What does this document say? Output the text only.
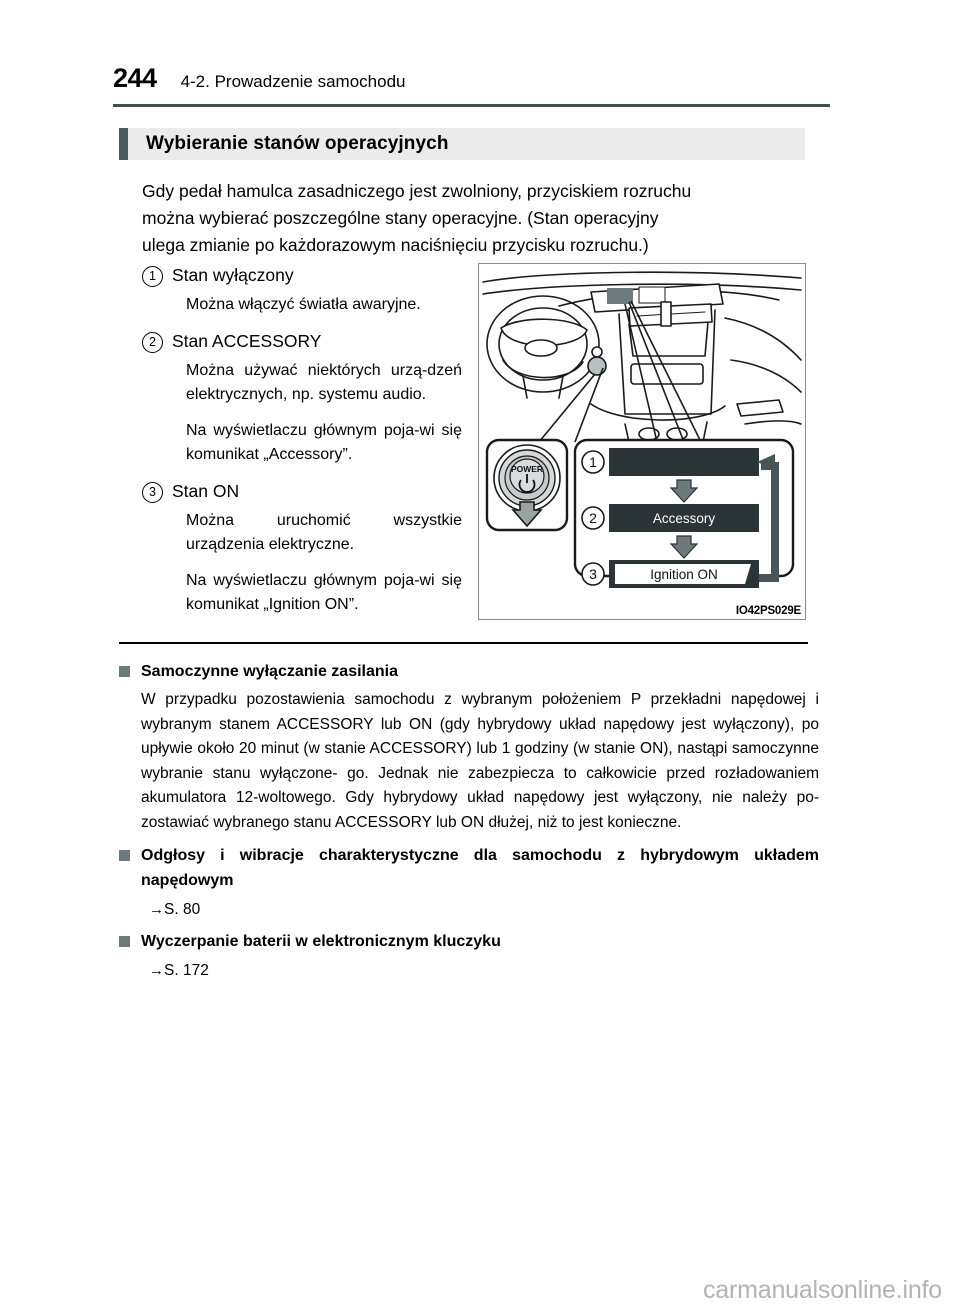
244 4-2. Prowadzenie samochodu
Wybieranie stanów operacyjnych
Gdy pedał hamulca zasadniczego jest zwolniony, przyciskiem rozruchu
można wybierać poszczególne stany operacyjne. (Stan operacyjny
ulega zmianie po każdorazowym naciśnięciu przycisku rozruchu.)
1 Stan wyłączony
Można włączyć światła awaryjne.
2 Stan ACCESSORY
Można używać niektórych urzą-dzeń elektrycznych, np. systemu audio.
Na wyświetlaczu głównym poja-wi się komunikat „Accessory”.
3 Stan ON
Można uruchomić wszystkie urządzenia elektryczne.
Na wyświetlaczu głównym poja-wi się komunikat „Ignition ON”.
POWER	1
2	Accessory
3	Ignition ON
IO42PS029E
Samoczynne wyłączanie zasilania
W przypadku pozostawienia samochodu z wybranym położeniem P przekładni napędowej i wybranym stanem ACCESSORY lub ON (gdy hybrydowy układ napędowy jest wyłączony), po upływie około 20 minut (w stanie ACCESSORY) lub 1 godziny (w stanie ON), nastąpi samoczynne wybranie stanu wyłączone- go. Jednak nie zabezpiecza to całkowicie przed rozładowaniem akumulatora 12-woltowego. Gdy hybrydowy układ napędowy jest wyłączony, nie należy po- zostawiać wybranego stanu ACCESSORY lub ON dłużej, niż to jest konieczne.
Odgłosy i wibracje charakterystyczne dla samochodu z hybrydowym układem napędowym
→S. 80
Wyczerpanie baterii w elektronicznym kluczyku
→S. 172
carmanualsonline.info
